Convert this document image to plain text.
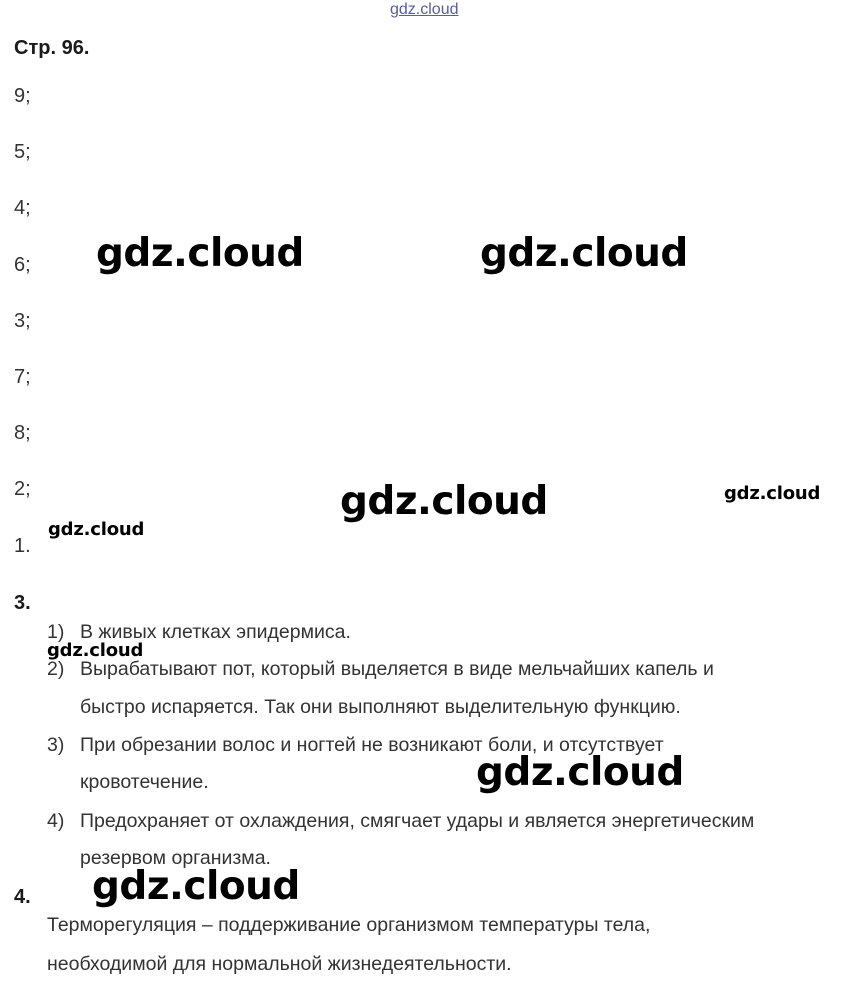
gdz.cloud
Стр. 96.
9;
5;
4;
6;
3;
7;
8;
2;
1.
3.
1) В живых клетках эпидермиса.
2) Вырабатывают пот, который выделяется в виде мельчайших капель и
быстро испаряется. Так они выполняют выделительную функцию.
3) При обрезании волос и ногтей не возникают боли, и отсутствует
кровотечение.
4) Предохраняет от охлаждения, смягчает удары и является энергетическим
резервом организма.
4.
Терморегуляция – поддерживание организмом температуры тела,
необходимой для нормальной жизнедеятельности.
gdz.cloud	gdz.cloud
gdz.cloud	gdz.cloud
gdz.cloud
gdz.cloud
gdz.cloud
gdz.cloud
